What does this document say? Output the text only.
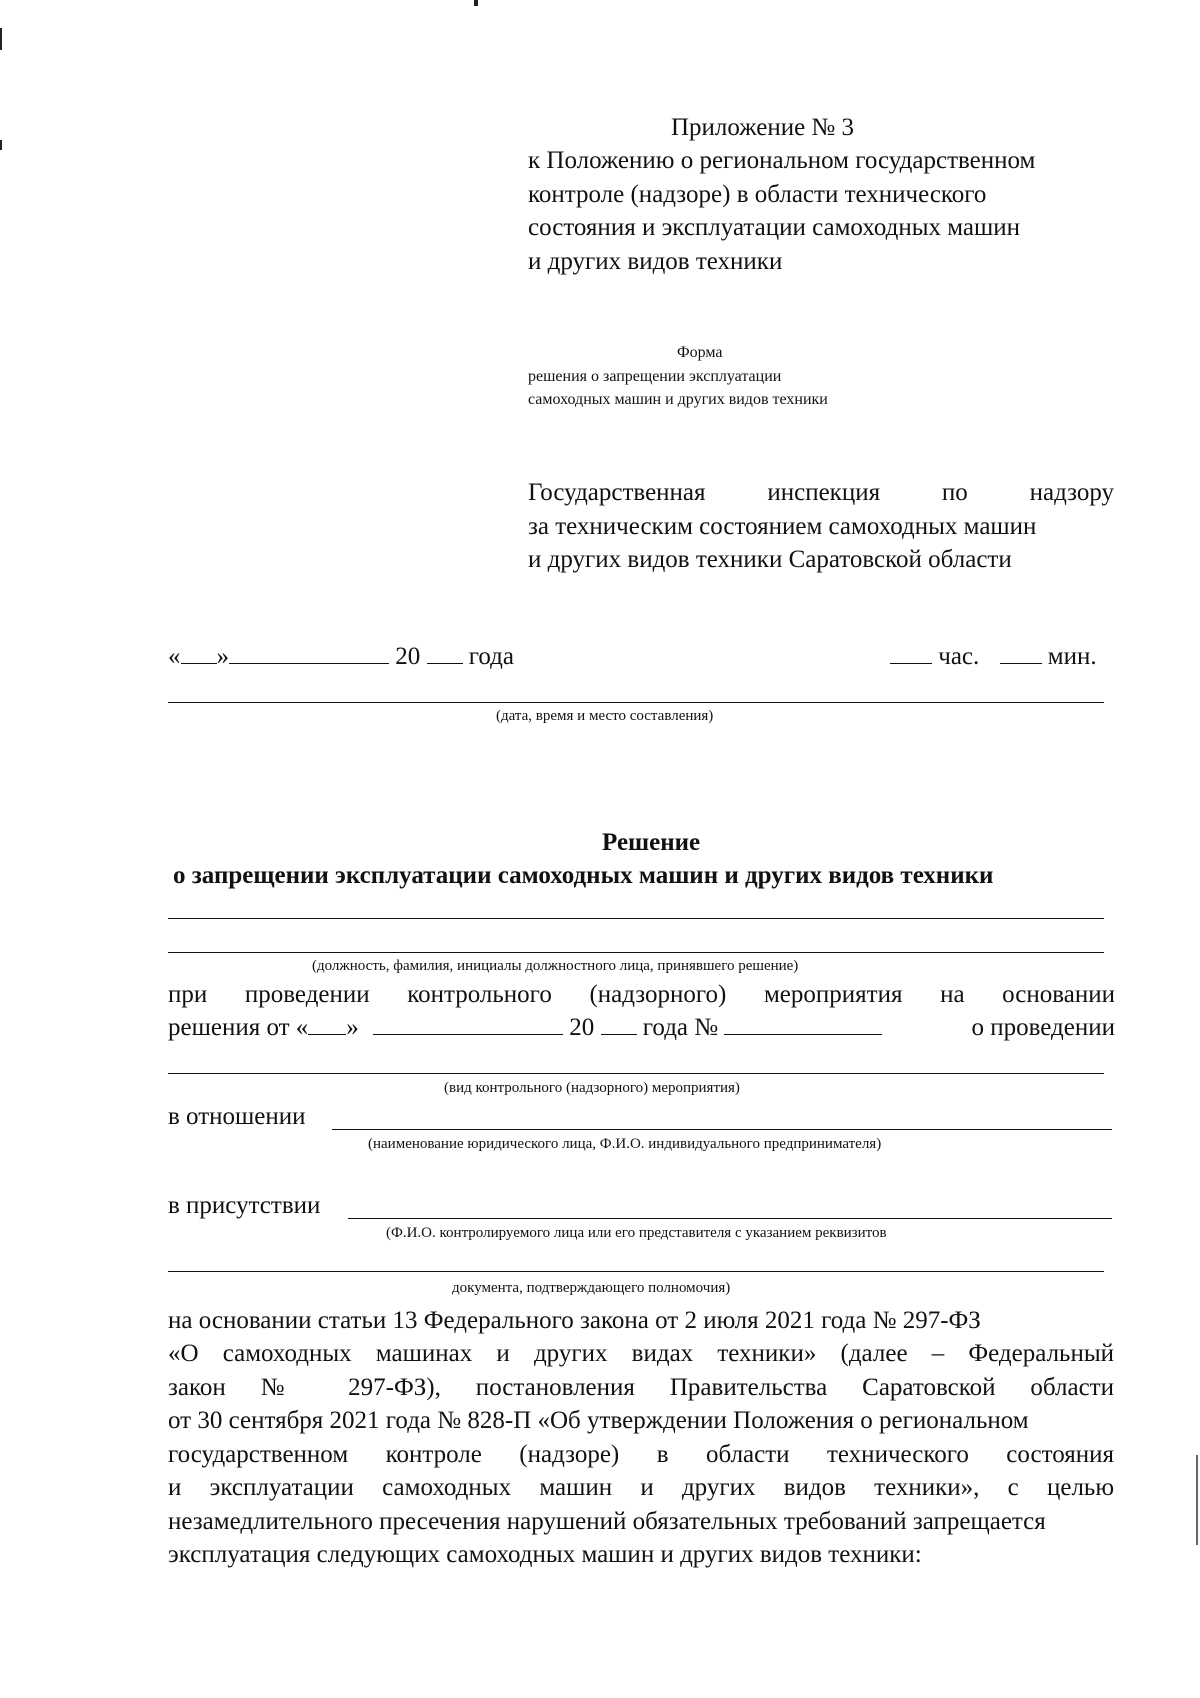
Приложение № 3
к Положению о региональном государственном
контроле (надзоре) в области технического
состояния и эксплуатации самоходных машин
и других видов техники
Форма
решения о запрещении эксплуатации
самоходных машин и других видов техники
Государственная инспекция по надзору
за техническим состоянием самоходных машин
и других видов техники Саратовской области
« »	20 года	час.	мин.
(дата, время и место составления)
Решение
о запрещении эксплуатации самоходных машин и других видов техники
(должность, фамилия, инициалы должностного лица, принявшего решение)
при проведении контрольного (надзорного) мероприятия на основании
решения от « »	20 года №	о проведении
(вид контрольного (надзорного) мероприятия)
в отношении
(наименование юридического лица, Ф.И.О. индивидуального предпринимателя)
в присутствии
(Ф.И.О. контролируемого лица или его представителя с указанием реквизитов
документа, подтверждающего полномочия)
на основании статьи 13 Федерального закона от 2 июля 2021 года № 297-ФЗ
«О самоходных машинах и других видах техники» (далее – Федеральный
закон № 297-ФЗ), постановления Правительства Саратовской области
от 30 сентября 2021 года № 828-П «Об утверждении Положения о региональном
государственном контроле (надзоре) в области технического состояния
и эксплуатации самоходных машин и других видов техники», с целью
незамедлительного пресечения нарушений обязательных требований запрещается
эксплуатация следующих самоходных машин и других видов техники:
